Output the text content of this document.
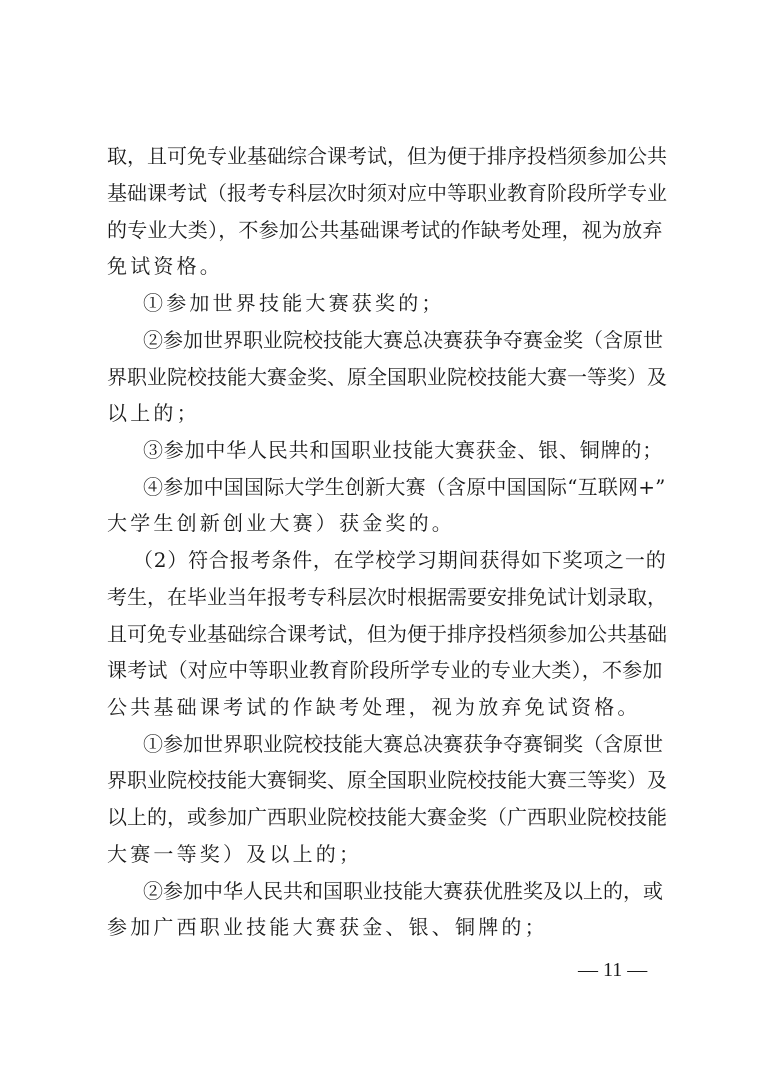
取，且可免专业基础综合课考试，但为便于排序投档须参加公共
基础课考试（报考专科层次时须对应中等职业教育阶段所学专业
的专业大类），不参加公共基础课考试的作缺考处理，视为放弃
免试资格。
①参加世界技能大赛获奖的；
②参加世界职业院校技能大赛总决赛获争夺赛金奖（含原世
界职业院校技能大赛金奖、原全国职业院校技能大赛一等奖）及
以上的；
③参加中华人民共和国职业技能大赛获金、银、铜牌的；
④参加中国国际大学生创新大赛（含原中国国际“互联网+”
大学生创新创业大赛）获金奖的。
（2）符合报考条件，在学校学习期间获得如下奖项之一的
考生，在毕业当年报考专科层次时根据需要安排免试计划录取，
且可免专业基础综合课考试，但为便于排序投档须参加公共基础
课考试（对应中等职业教育阶段所学专业的专业大类），不参加
公共基础课考试的作缺考处理，视为放弃免试资格。
①参加世界职业院校技能大赛总决赛获争夺赛铜奖（含原世
界职业院校技能大赛铜奖、原全国职业院校技能大赛三等奖）及
以上的，或参加广西职业院校技能大赛金奖（广西职业院校技能
大赛一等奖）及以上的；
②参加中华人民共和国职业技能大赛获优胜奖及以上的，或
参加广西职业技能大赛获金、银、铜牌的；
— 11 —
